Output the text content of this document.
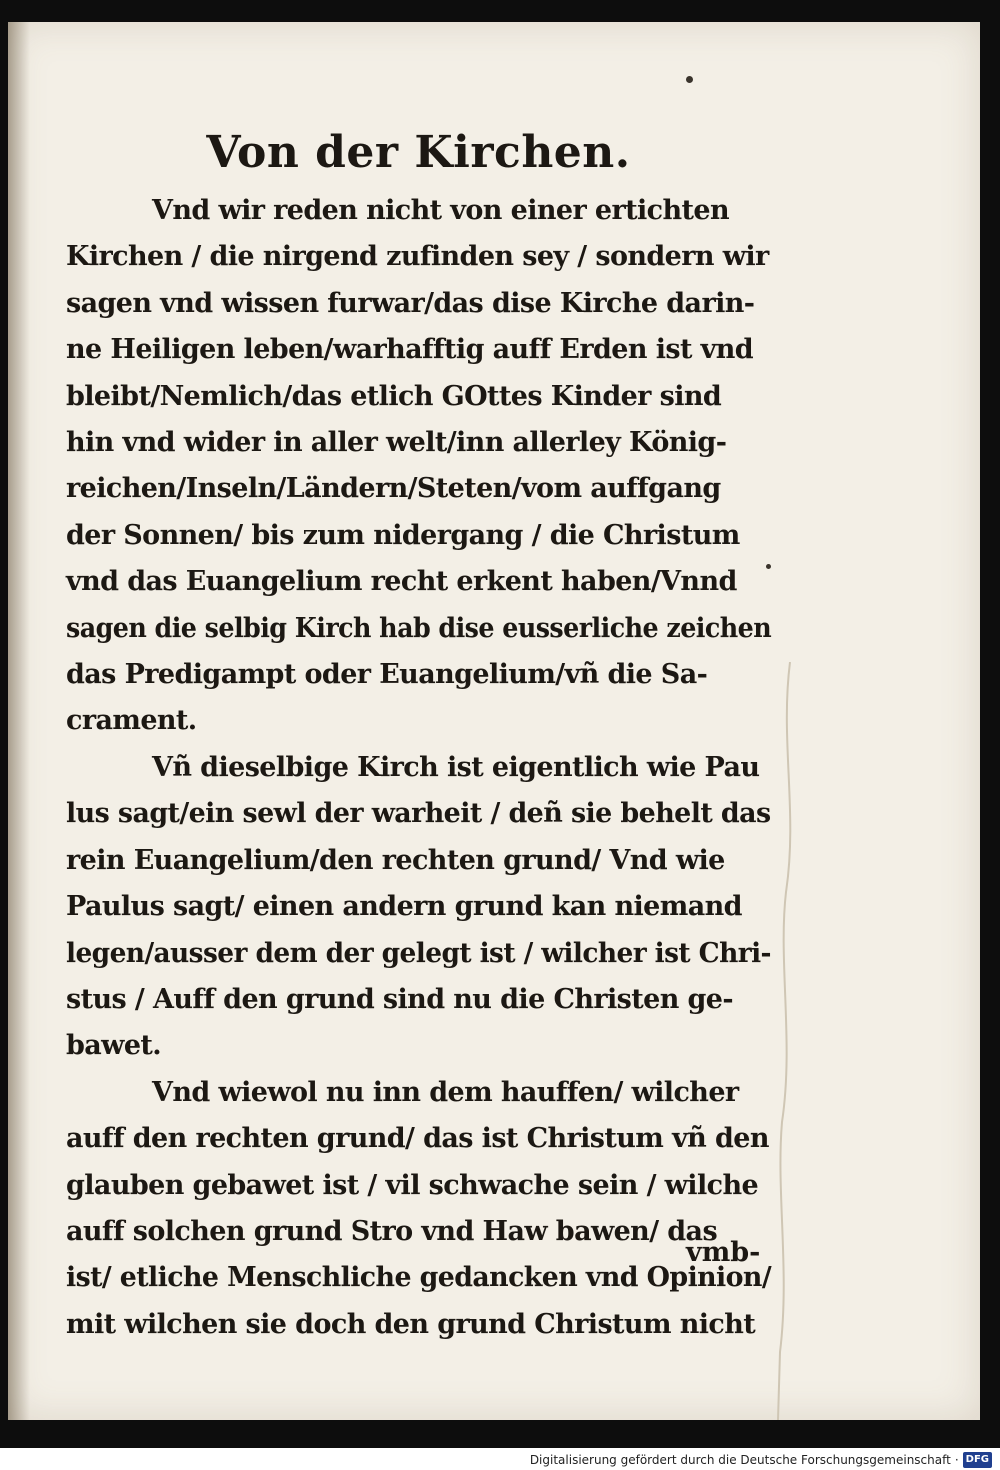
Von der Kirchen.
Vnd wir reden nicht von einer ertichten
Kirchen / die nirgend zufinden sey / sondern wir
sagen vnd wissen furwar/das dise Kirche darin-
ne Heiligen leben/warhafftig auff Erden ist vnd
bleibt/Nemlich/das etlich GOttes Kinder sind
hin vnd wider in aller welt/inn allerley König-
reichen/Inseln/Ländern/Steten/vom auffgang
der Sonnen/ bis zum nidergang / die Christum
vnd das Euangelium recht erkent haben/Vnnd
sagen die selbig Kirch hab dise eusserliche zeichen
das Predigampt oder Euangelium/vñ die Sa-
crament.
Vñ dieselbige Kirch ist eigentlich wie Pau
lus sagt/ein sewl der warheit / deñ sie behelt das
rein Euangelium/den rechten grund/ Vnd wie
Paulus sagt/ einen andern grund kan niemand
legen/ausser dem der gelegt ist / wilcher ist Chri-
stus / Auff den grund sind nu die Christen ge-
bawet.
Vnd wiewol nu inn dem hauffen/ wilcher
auff den rechten grund/ das ist Christum vñ den
glauben gebawet ist / vil schwache sein / wilche
auff solchen grund Stro vnd Haw bawen/ das
ist/ etliche Menschliche gedancken vnd Opinion/
mit wilchen sie doch den grund Christum nicht
vmb-
Digitalisierung gefördert durch die Deutsche Forschungsgemeinschaft · DFG
